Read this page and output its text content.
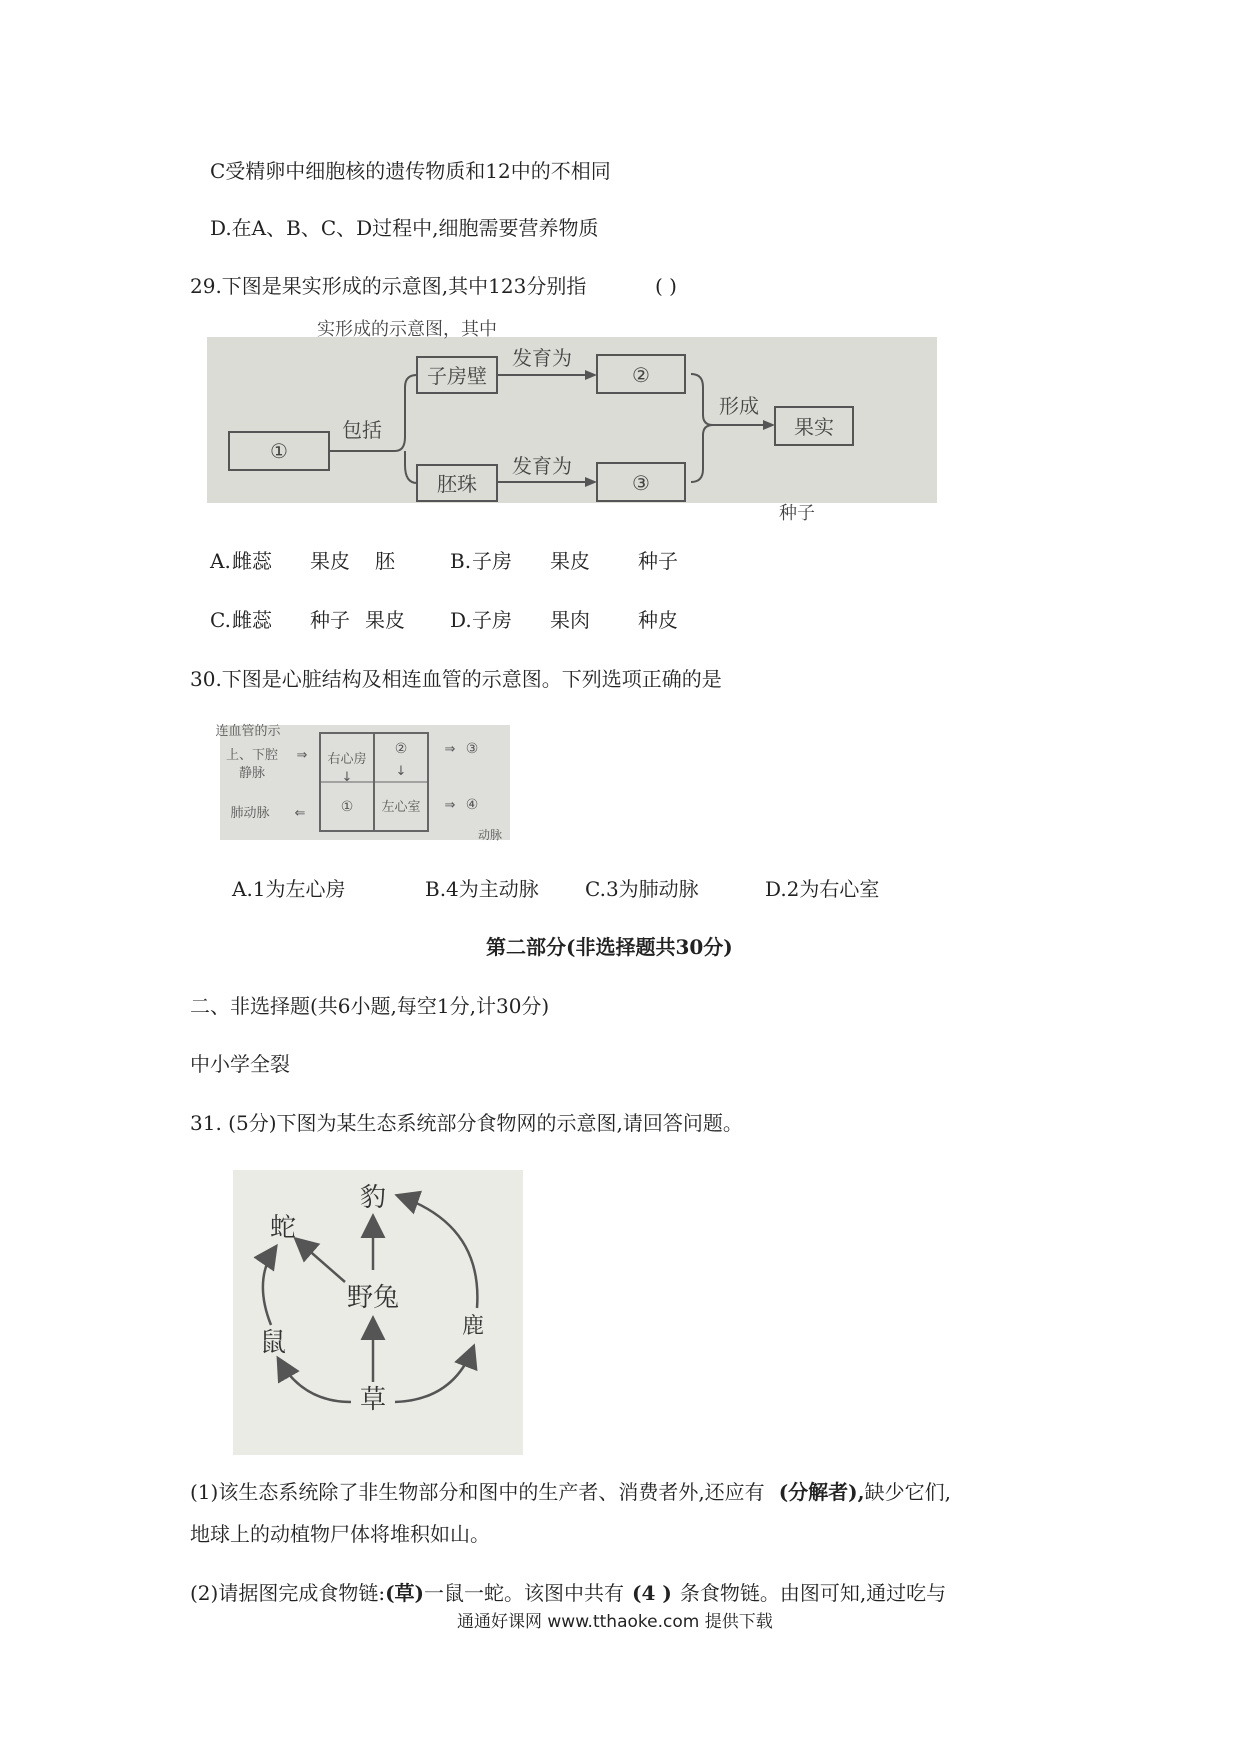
C受精卵中细胞核的遗传物质和12中的不相同
D.在A、B、C、D过程中,细胞需要营养物质
29.下图是果实形成的示意图,其中123分别指	( )
实形成的示意图，其中
①
包括
子房壁
发育为
②
胚珠
发育为
③
形成
果实
种子
A. 雌蕊 果皮 胚	B. 子房 果皮 种子
C. 雌蕊 种子 果皮 D. 子房 果肉 种皮
30.下图是心脏结构及相连血管的示意图。下列选项正确的是
连血管的示
右心房
↓
①
②
↓
左心室
上、下腔
静脉
⇒
肺动脉 ⇐
⇒ ③
⇒ ④
动脉
A.1为左心房	B.4为主动脉 C.3为肺动脉	D.2为右心室
第二部分(非选择题共30分)
二、非选择题(共6小题,每空1分,计30分)
中小学全裂
31. (5分)下图为某生态系统部分食物网的示意图,请回答问题。
豹
蛇
野兔
鹿
鼠
草
(1)该生态系统除了非生物部分和图中的生产者、消费者外,还应有 (分解者),缺少它们,
地球上的动植物尸体将堆积如山。
(2)请据图完成食物链:(草)一鼠一蛇。该图中共有 (4 ) 条食物链。由图可知,通过吃与
通通好课网 www.tthaoke.com 提供下载
